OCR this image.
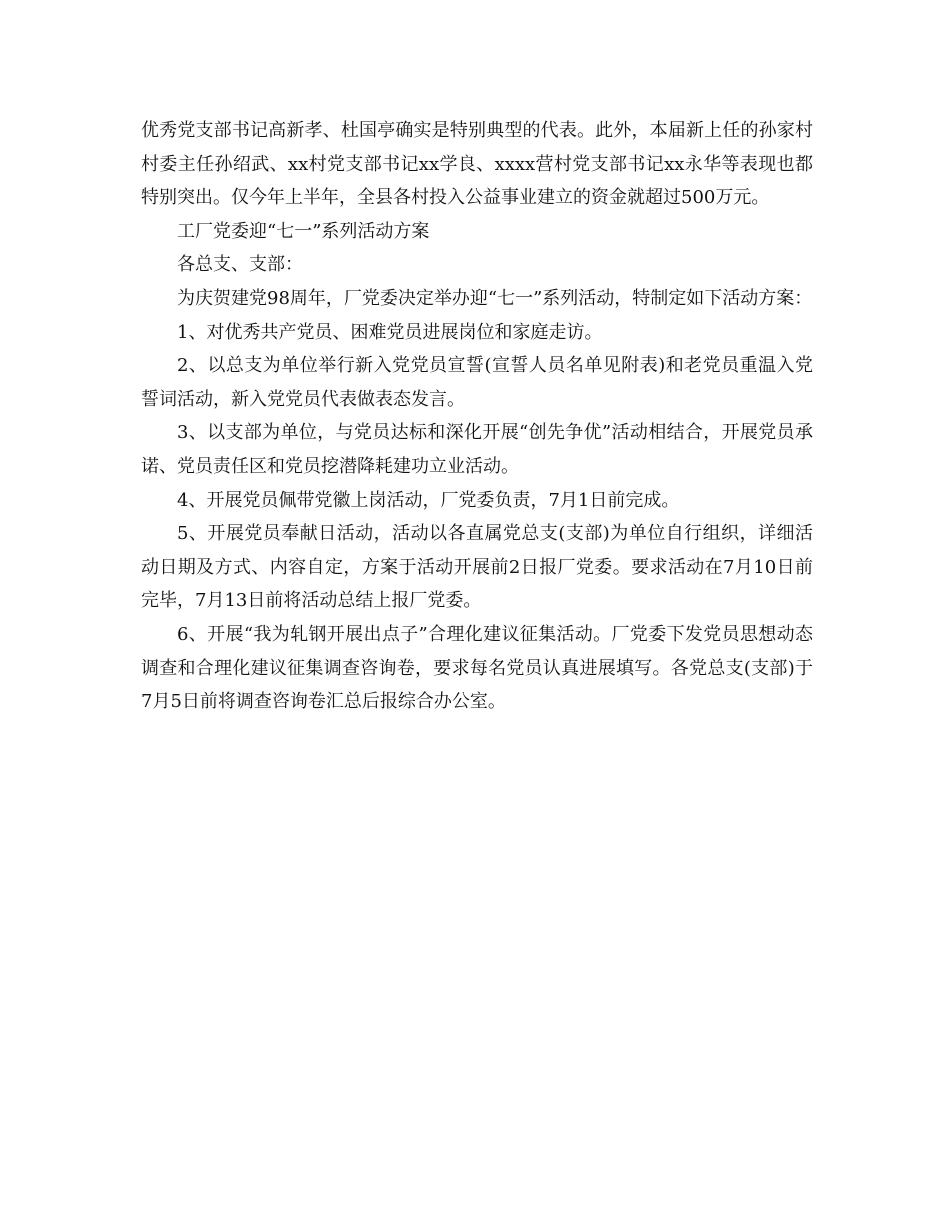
优秀党支部书记高新孝、杜国亭确实是特别典型的代表。此外，本届新上任的孙家村村委主任孙绍武、xx村党支部书记xx学良、xxxx营村党支部书记xx永华等表现也都特别突出。仅今年上半年，全县各村投入公益事业建立的资金就超过500万元。

工厂党委迎“七一”系列活动方案

各总支、支部：

为庆贺建党98周年，厂党委决定举办迎“七一”系列活动，特制定如下活动方案：

1、对优秀共产党员、困难党员进展岗位和家庭走访。

2、以总支为单位举行新入党党员宣誓(宣誓人员名单见附表)和老党员重温入党誓词活动，新入党党员代表做表态发言。

3、以支部为单位，与党员达标和深化开展“创先争优”活动相结合，开展党员承诺、党员责任区和党员挖潜降耗建功立业活动。

4、开展党员佩带党徽上岗活动，厂党委负责，7月1日前完成。

5、开展党员奉献日活动，活动以各直属党总支(支部)为单位自行组织，详细活动日期及方式、内容自定，方案于活动开展前2日报厂党委。要求活动在7月10日前完毕，7月13日前将活动总结上报厂党委。

6、开展“我为轧钢开展出点子”合理化建议征集活动。厂党委下发党员思想动态调查和合理化建议征集调查咨询卷，要求每名党员认真进展填写。各党总支(支部)于7月5日前将调查咨询卷汇总后报综合办公室。
